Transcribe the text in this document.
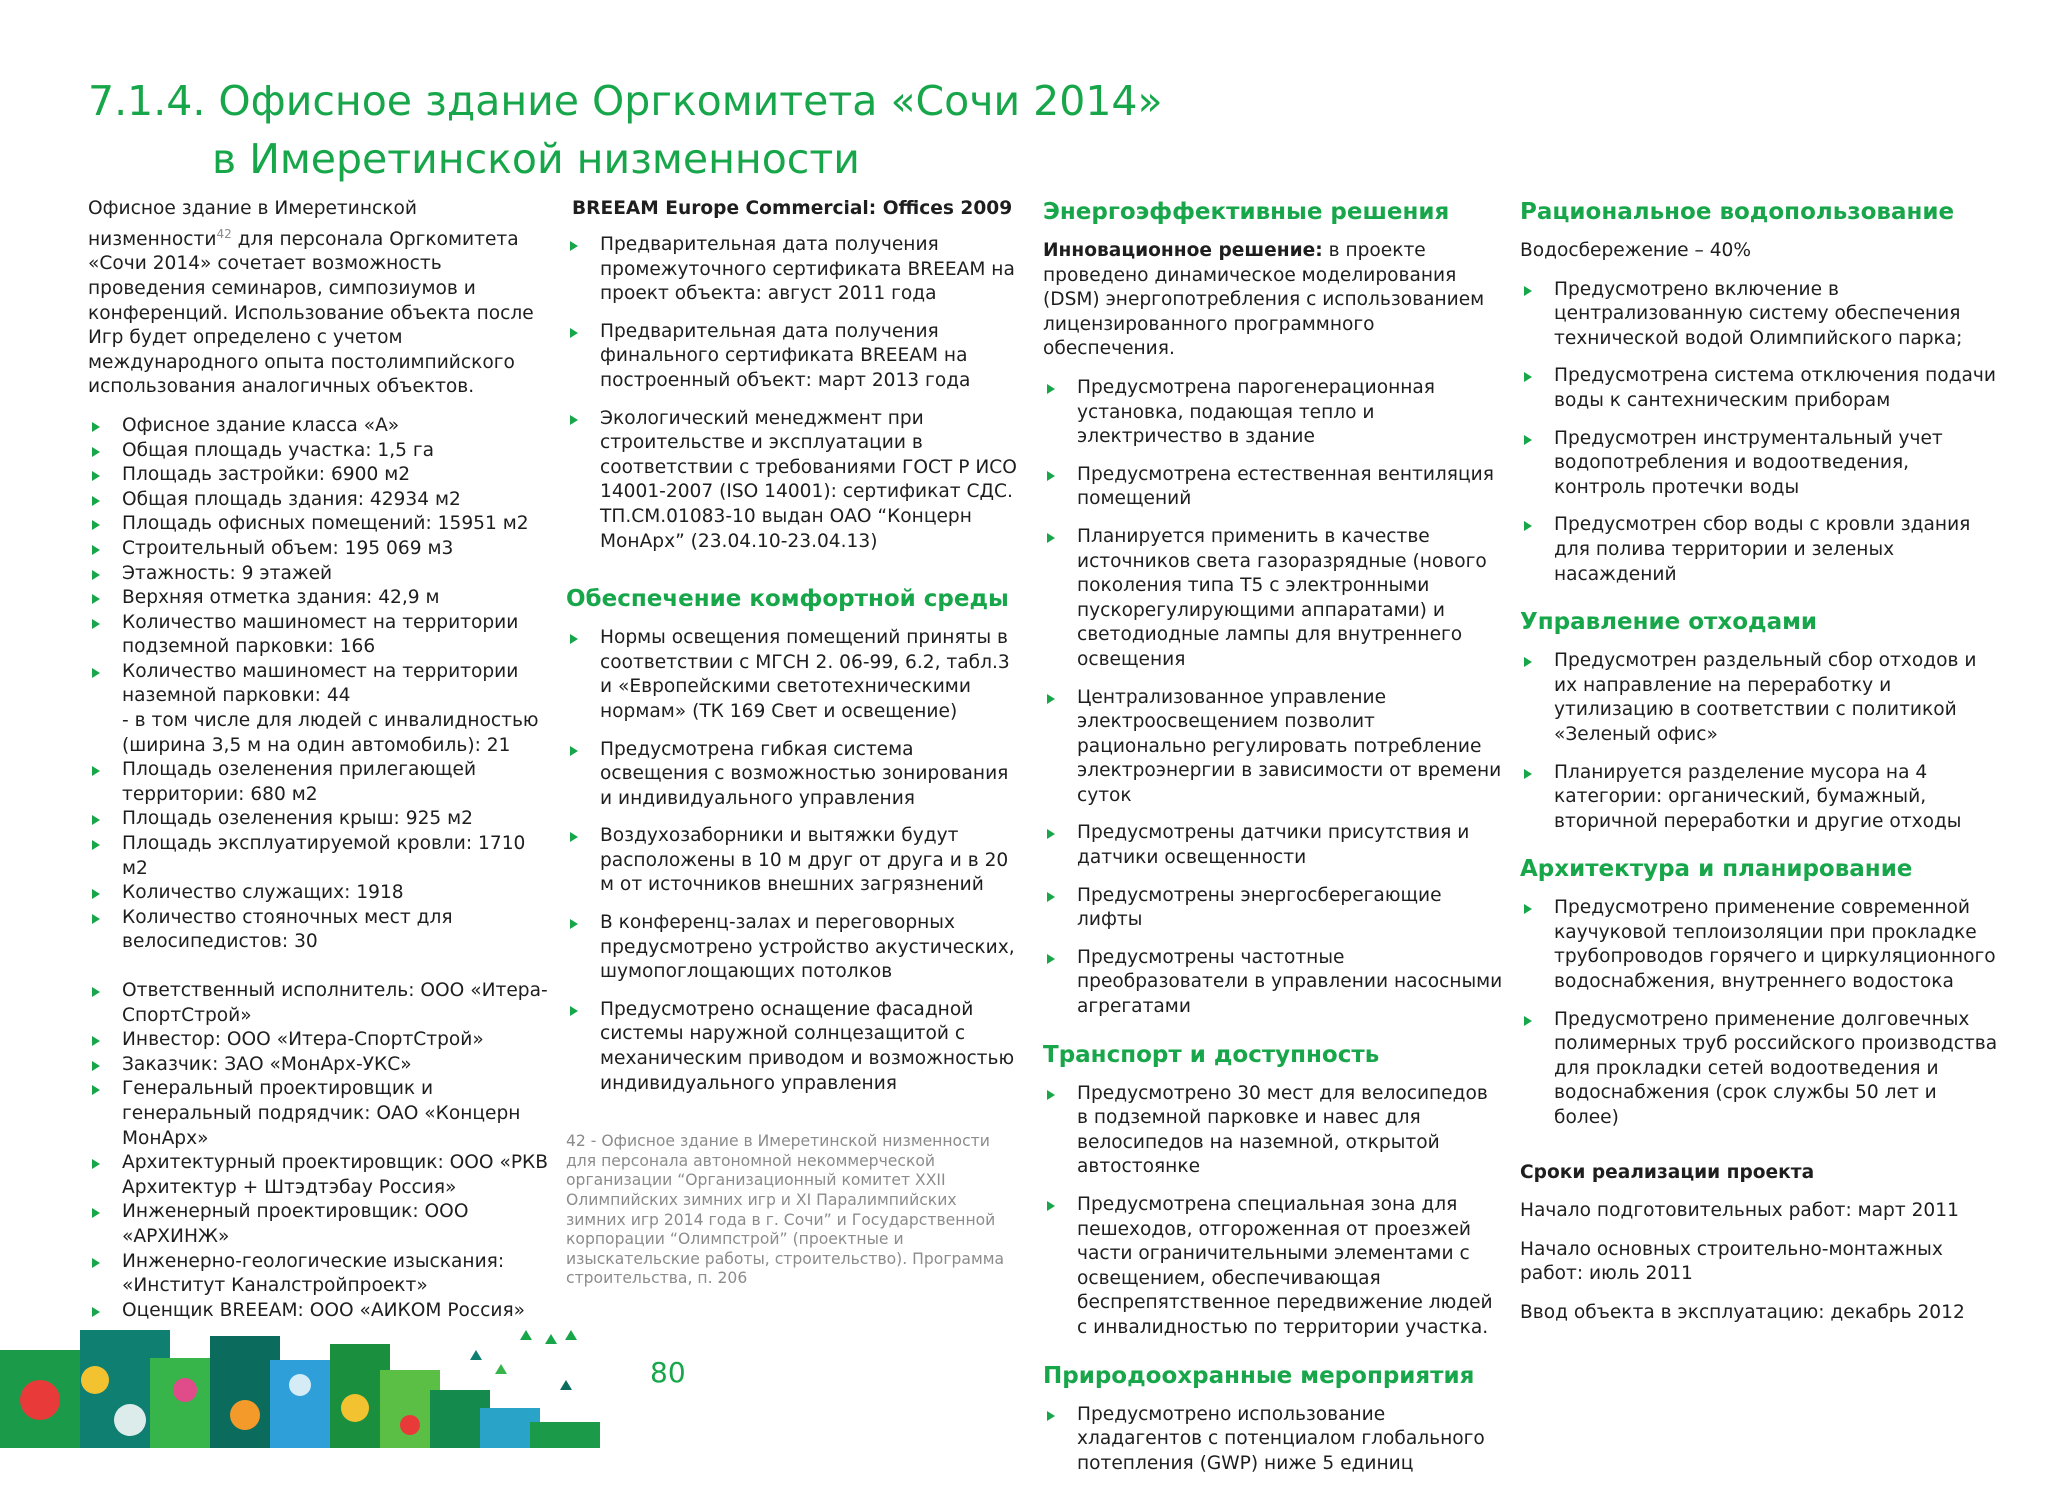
7.1.4. Офисное здание Оргкомитета «Сочи 2014»
в Имеретинской низменности

Офисное здание в Имеретинской низменности$^{42}$ для персонала Оргкомитета «Сочи 2014» сочетает возможность проведения семинаров, симпозиумов и конференций. Использование объекта после Игр будет определено с учетом международного опыта постолимпийского использования аналогичных объектов.

Офисное здание класса «А»
Общая площадь участка: 1,5 га
Площадь застройки: 6900 м2
Общая площадь здания: 42934 м2
Площадь офисных помещений: 15951 м2
Строительный объем: 195 069 м3
Этажность: 9 этажей
Верхняя отметка здания: 42,9 м
Количество машиномест на территории подземной парковки: 166
Количество машиномест на территории наземной парковки: 44
- в том числе для людей с инвалидностью (ширина 3,5 м на один автомобиль): 21
Площадь озеленения прилегающей территории: 680 м2
Площадь озеленения крыш: 925 м2
Площадь эксплуатируемой кровли: 1710 м2
Количество служащих: 1918
Количество стояночных мест для велосипедистов: 30
Ответственный исполнитель: ООО «Итера-СпортСтрой»
Инвестор: ООО «Итера-СпортСтрой»
Заказчик: ЗАО «МонАрх-УКС»
Генеральный проектировщик и генеральный подрядчик: ОАО «Концерн МонАрх»
Архитектурный проектировщик: ООО «РКВ Архитектур + Штэдтэбау Россия»
Инженерный проектировщик: ООО «АРХИНЖ»
Инженерно-геологические изыскания: «Институт Каналстройпроект»
Оценщик BREEAM: ООО «АИКОМ Россия»
BREEAM Europe Commercial: Offices 2009
Предварительная дата получения промежуточного сертификата BREEAM на проект объекта: август 2011 года
Предварительная дата получения финального сертификата BREEAM на построенный объект: март 2013 года
Экологический менеджмент при строительстве и эксплуатации в соответствии с требованиями ГОСТ Р ИСО 14001-2007 (ISO 14001): сертификат СДС. ТП.СМ.01083-10 выдан ОАО “Концерн МонАрх” (23.04.10-23.04.13)
Обеспечение комфортной среды
Нормы освещения помещений приняты в соответствии с МГСН 2. 06-99, 6.2, табл.3 и «Европейскими светотехническими нормам» (ТК 169 Свет и освещение)
Предусмотрена гибкая система освещения с возможностью зонирования и индивидуального управления
Воздухозаборники и вытяжки будут расположены в 10 м друг от друга и в 20 м от источников внешних загрязнений
В конференц-залах и переговорных предусмотрено устройство акустических, шумопоглощающих потолков
Предусмотрено оснащение фасадной системы наружной солнцезащитой с механическим приводом и возможностью индивидуального управления

42 - Офисное здание в Имеретинской низменности для персонала автономной некоммерческой организации “Организационный комитет XXII Олимпийских зимних игр и XI Паралимпийских зимних игр 2014 года в г. Сочи” и Государственной корпорации “Олимпстрой” (проектные и изыскательские работы, строительство). Программа строительства, п. 206

Энергоэффективные решения

Инновационное решение: в проекте проведено динамическое моделирования (DSM) энергопотребления с использованием лицензированного программного обеспечения.

Предусмотрена парогенерационная установка, подающая тепло и электричество в здание
Предусмотрена естественная вентиляция помещений
Планируется применить в качестве источников света газоразрядные (нового поколения типа Т5 с электронными пускорегулирующими аппаратами) и светодиодные лампы для внутреннего освещения
Централизованное управление электроосвещением позволит рационально регулировать потребление электроэнергии в зависимости от времени суток
Предусмотрены датчики присутствия и датчики освещенности
Предусмотрены энергосберегающие лифты
Предусмотрены частотные преобразователи в управлении насосными агрегатами
Транспорт и доступность
Предусмотрено 30 мест для велосипедов в подземной парковке и навес для велосипедов на наземной, открытой автостоянке
Предусмотрена специальная зона для пешеходов, отгороженная от проезжей части ограничительными элементами с освещением, обеспечивающая беспрепятственное передвижение людей с инвалидностью по территории участка.
Природоохранные мероприятия
Предусмотрено использование хладагентов с потенциалом глобального потепления (GWP) ниже 5 единиц
Рациональное водопользование

Водосбережение – 40%

Предусмотрено включение в централизованную систему обеспечения технической водой Олимпийского парка;
Предусмотрена система отключения подачи воды к сантехническим приборам
Предусмотрен инструментальный учет водопотребления и водоотведения, контроль протечки воды
Предусмотрен сбор воды с кровли здания для полива территории и зеленых насаждений
Управление отходами
Предусмотрен раздельный сбор отходов и их направление на переработку и утилизацию в соответствии с политикой «Зеленый офис»
Планируется разделение мусора на 4 категории: органический, бумажный, вторичной переработки и другие отходы
Архитектура и планирование
Предусмотрено применение современной каучуковой теплоизоляции при прокладке трубопроводов горячего и циркуляционного водоснабжения, внутреннего водостока
Предусмотрено применение долговечных полимерных труб российского производства для прокладки сетей водоотведения и водоснабжения (срок службы 50 лет и более)
Сроки реализации проекта

Начало подготовительных работ: март 2011

Начало основных строительно-монтажных работ: июль 2011

Ввод объекта в эксплуатацию: декабрь 2012

80
